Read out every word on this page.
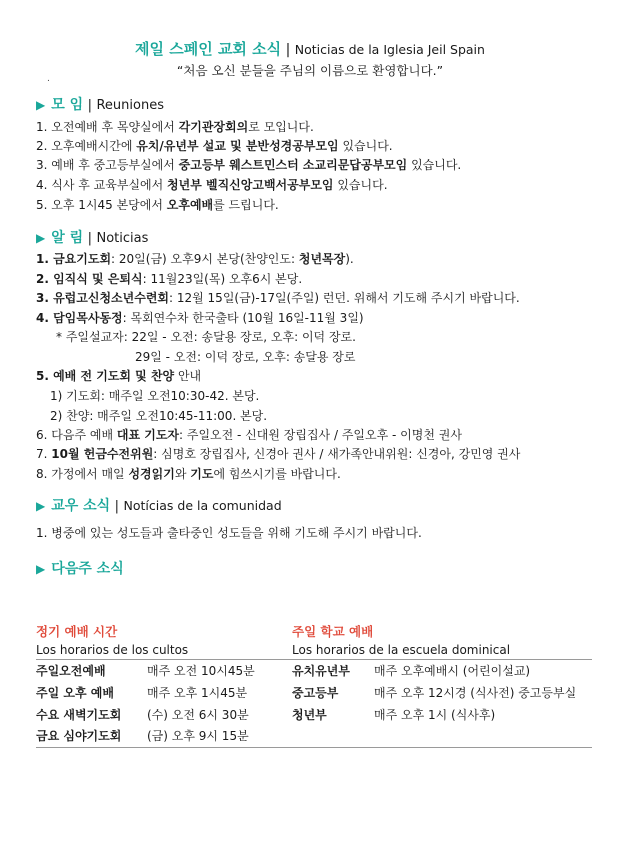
제일 스페인 교회 소식 | Noticias de la Iglesia Jeil Spain
“처음 오신 분들을 주님의 이름으로 환영합니다.”
.
▶ 모 임 | Reuniones
1. 오전예배 후 목양실에서 각기관장회의로 모입니다.
2. 오후예배시간에 유치/유년부 설교 및 분반성경공부모임 있습니다.
3. 예배 후 중고등부실에서 중고등부 웨스트민스터 소교리문답공부모임 있습니다.
4. 식사 후 교육부실에서 청년부 벨직신앙고백서공부모임 있습니다.
5. 오후 1시45 본당에서 오후예배를 드립니다.
▶ 알 림 | Noticias
1. 금요기도회: 20일(금) 오후9시 본당(찬양인도: 청년목장).
2. 임직식 및 은퇴식: 11월23일(목) 오후6시 본당.
3. 유럽고신청소년수련회: 12월 15일(금)-17일(주일) 런던. 위해서 기도해 주시기 바랍니다.
4. 담임목사동정: 목회연수차 한국출타 (10월 16일-11월 3일)
* 주일설교자: 22일 - 오전: 송달용 장로, 오후: 이덕 장로.
29일 - 오전: 이덕 장로, 오후: 송달용 장로
5. 예배 전 기도회 및 찬양 안내
1) 기도회: 매주일 오전10:30-42. 본당.
2) 찬양: 매주일 오전10:45-11:00. 본당.
6. 다음주 예배 대표 기도자: 주일오전 - 신대원 장립집사 / 주일오후 - 이명천 권사
7. 10월 헌금수전위원: 심명호 장립집사, 신경아 권사 / 새가족안내위원: 신경아, 강민영 권사
8. 가정에서 매일 성경읽기와 기도에 힘쓰시기를 바랍니다.
▶ 교우 소식 | Notícias de la comunidad
1. 병중에 있는 성도들과 출타중인 성도들을 위해 기도해 주시기 바랍니다.
▶ 다음주 소식
정기 예배 시간
Los horarios de los cultos
주일 학교 예배
Los horarios de la escuela dominical
주일오전예배	매주 오전 10시45분
주일 오후 예배	매주 오후 1시45분
수요 새벽기도회 (수) 오전 6시 30분
금요 심야기도회 (금) 오후 9시 15분
유치유년부 매주 오후예배시 (어린이설교)
중고등부	매주 오후 12시경 (식사전) 중고등부실
청년부	매주 오후 1시 (식사후)
